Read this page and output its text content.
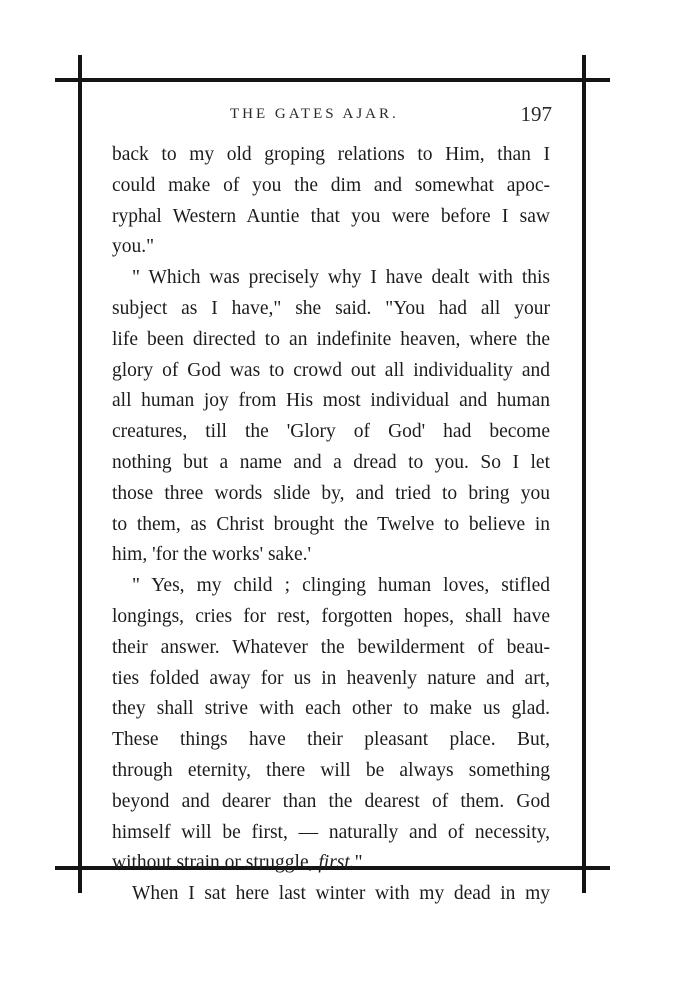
THE GATES AJAR.	197
back to my old groping relations to Him, than I
could make of you the dim and somewhat apoc-
ryphal Western Auntie that you were before I saw
you."
" Which was precisely why I have dealt with this
subject as I have," she said. "You had all your
life been directed to an indefinite heaven, where the
glory of God was to crowd out all individuality and
all human joy from His most individual and human
creatures, till the 'Glory of God' had become
nothing but a name and a dread to you. So I let
those three words slide by, and tried to bring you
to them, as Christ brought the Twelve to believe in
him, 'for the works' sake.'
" Yes, my child ; clinging human loves, stifled
longings, cries for rest, forgotten hopes, shall have
their answer. Whatever the bewilderment of beau-
ties folded away for us in heavenly nature and art,
they shall strive with each other to make us glad.
These things have their pleasant place. But,
through eternity, there will be always something
beyond and dearer than the dearest of them. God
himself will be first, — naturally and of necessity,
without strain or struggle, first."
When I sat here last winter with my dead in my
